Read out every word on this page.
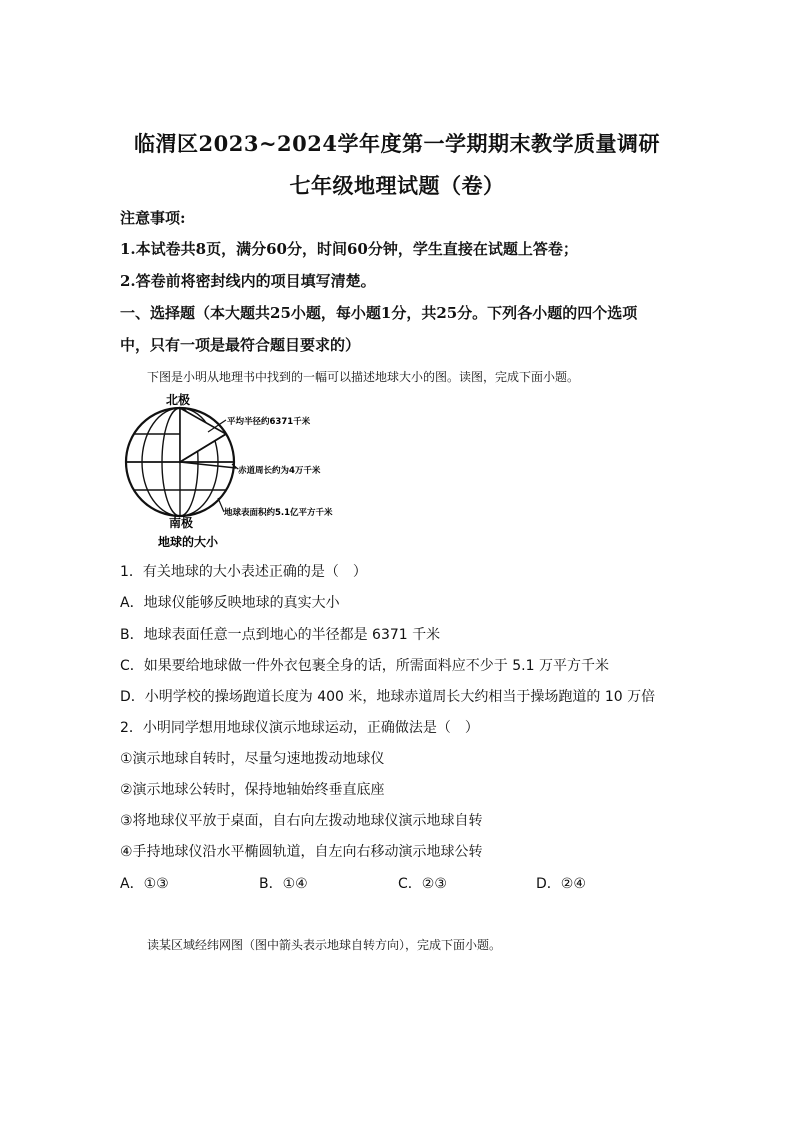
临渭区2023~2024学年度第一学期期末教学质量调研
七年级地理试题（卷）
注意事项:
1.本试卷共8页，满分60分，时间60分钟，学生直接在试题上答卷；
2.答卷前将密封线内的项目填写清楚。
一、选择题（本大题共25小题，每小题1分，共25分。下列各小题的四个选项
中，只有一项是最符合题目要求的）
下图是小明从地理书中找到的一幅可以描述地球大小的图。读图，完成下面小题。
北极
平均半径约6371千米
赤道周长约为4万千米
地球表面积约5.1亿平方千米
南极
地球的大小
1．有关地球的大小表述正确的是（　）
A．地球仪能够反映地球的真实大小
B．地球表面任意一点到地心的半径都是 6371 千米
C．如果要给地球做一件外衣包裹全身的话，所需面料应不少于 5.1 万平方千米
D．小明学校的操场跑道长度为 400 米，地球赤道周长大约相当于操场跑道的 10 万倍
2．小明同学想用地球仪演示地球运动，正确做法是（　）
①演示地球自转时，尽量匀速地拨动地球仪
②演示地球公转时，保持地轴始终垂直底座
③将地球仪平放于桌面，自右向左拨动地球仪演示地球自转
④手持地球仪沿水平椭圆轨道，自左向右移动演示地球公转
A．①③	B．①④	C．②③	D．②④
读某区域经纬网图（图中箭头表示地球自转方向），完成下面小题。
